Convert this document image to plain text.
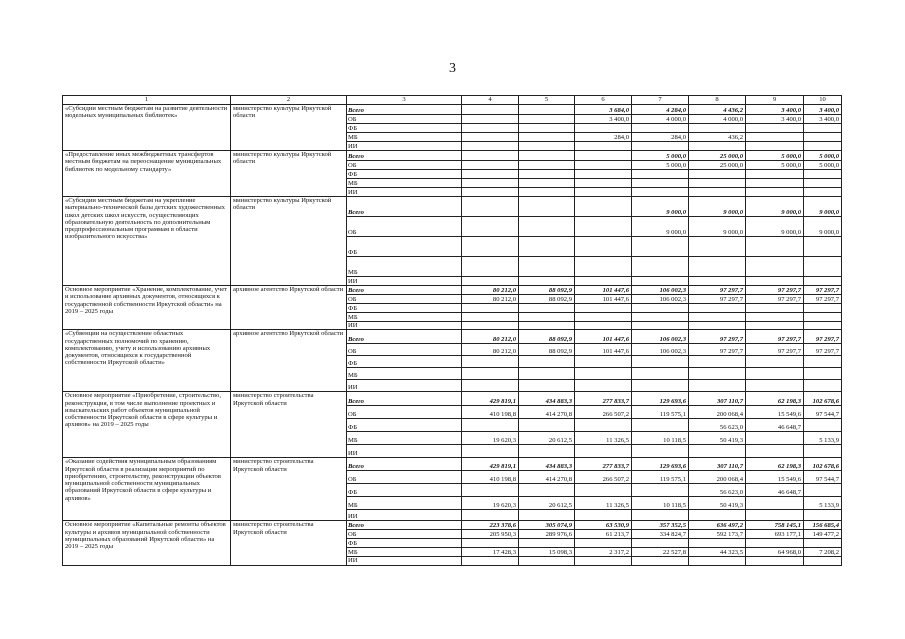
3
1	2	3	4	5	6	7	8	9	10
«Субсидии местным бюджетам на развитие деятельности модельных муниципальных библиотек»	министерство культуры Иркутской области	Всего			3 684,0	4 284,0	4 436,2	3 400,0	3 400,0
		ОБ			3 400,0	4 000,0	4 000,0	3 400,0	3 400,0
		ФБ							
		МБ			284,0	284,0	436,2		
		ИИ							
«Предоставление иных межбюджетных трансфертов местным бюджетам на переоснащение муниципальных библиотек по модельному стандарту»	министерство культуры Иркутской области	Всего				5 000,0	25 000,0	5 000,0	5 000,0
		ОБ				5 000,0	25 000,0	5 000,0	5 000,0
		ФБ							
		МБ							
		ИИ							
«Субсидии местным бюджетам на укрепление материально-технической базы детских художественных школ детских школ искусств, осуществляющих образовательную деятельность по дополнительным предпрофессиональным программам в области изобразительного искусства»	министерство культуры Иркутской области	Всего				9 000,0	9 000,0	9 000,0	9 000,0
		ОБ				9 000,0	9 000,0	9 000,0	9 000,0
		ФБ							
		МБ							
		ИИ							
Основное мероприятие «Хранение, комплектование, учет и использование архивных документов, относящихся к государственной собственности Иркутской области» на 2019 – 2025 годы	архивное агентство Иркутской области	Всего	80 212,0	88 092,9	101 447,6	106 002,3	97 297,7	97 297,7	97 297,7
		ОБ	80 212,0	88 092,9	101 447,6	106 002,3	97 297,7	97 297,7	97 297,7
		ФБ							
		МБ							
		ИИ							
«Субвенции на осуществление областных государственных полномочий по хранению, комплектованию, учету и использованию архивных документов, относящихся к государственной собственности Иркутской области»	архивное агентство Иркутской области	Всего	80 212,0	88 092,9	101 447,6	106 002,3	97 297,7	97 297,7	97 297,7
		ОБ	80 212,0	88 092,9	101 447,6	106 002,3	97 297,7	97 297,7	97 297,7
		ФБ							
		МБ							
		ИИ							
Основное мероприятие «Приобретение, строительство, реконструкция, в том числе выполнение проектных и изыскательских работ объектов муниципальной собственности Иркутской области в сфере культуры и архивов» на 2019 – 2025 годы	министерство строительства Иркутской области	Всего	429 819,1	434 883,3	277 833,7	129 693,6	307 110,7	62 198,3	102 678,6
		ОБ	410 198,8	414 270,8	266 507,2	119 575,1	200 068,4	15 549,6	97 544,7
		ФБ					56 623,0	46 648,7	
		МБ	19 620,3	20 612,5	11 326,5	10 118,5	50 419,3		5 133,9
		ИИ							
«Оказание содействия муниципальным образованиям Иркутской области в реализации мероприятий по приобретению, строительству, реконструкции объектов муниципальной собственности муниципальных образований Иркутской области в сфере культуры и архивов»	министерство строительства Иркутской области	Всего	429 819,1	434 883,3	277 833,7	129 693,6	307 110,7	62 198,3	102 678,6
		ОБ	410 198,8	414 270,8	266 507,2	119 575,1	200 068,4	15 549,6	97 544,7
		ФБ					56 623,0	46 648,7	
		МБ	19 620,3	20 612,5	11 326,5	10 118,5	50 419,3		5 133,9
		ИИ							
Основное мероприятие «Капитальные ремонты объектов культуры и архивов муниципальной собственности муниципальных образований Иркутской области» на 2019 – 2025 годы	министерство строительства Иркутской области	Всего	223 378,6	305 074,9	63 530,9	357 352,5	636 497,2	758 145,1	156 685,4
		ОБ	205 950,3	289 976,6	61 213,7	334 824,7	592 173,7	693 177,1	149 477,2
		ФБ							
		МБ	17 428,3	15 098,3	2 317,2	22 527,8	44 323,5	64 968,0	7 208,2
		ИИ							
